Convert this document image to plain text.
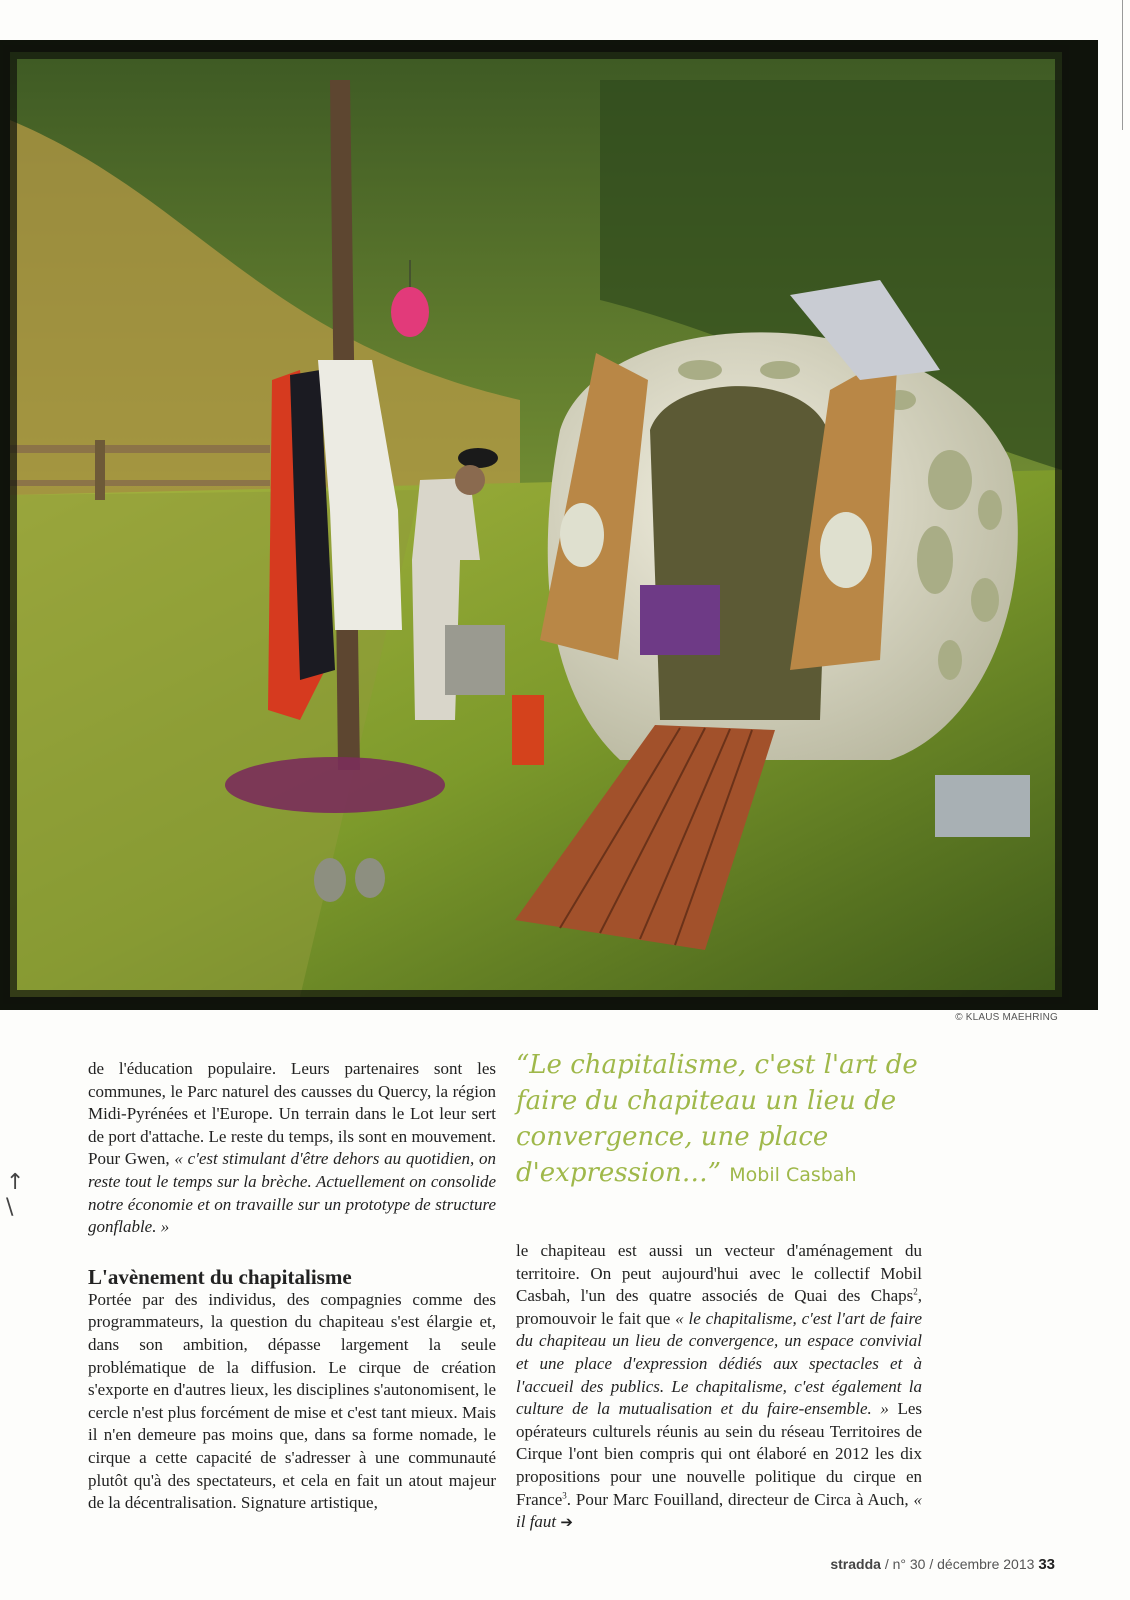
© KLAUS MAEHRING
↑
\

de l'éducation populaire. Leurs partenaires sont les communes, le Parc naturel des causses du Quercy, la région Midi-Pyrénées et l'Europe. Un terrain dans le Lot leur sert de port d'attache. Le reste du temps, ils sont en mouvement. Pour Gwen, « c'est stimulant d'être dehors au quotidien, on reste tout le temps sur la brèche. Actuellement on consolide notre économie et on travaille sur un prototype de structure gonflable. »

L'avènement du chapitalisme

Portée par des individus, des compagnies comme des programmateurs, la question du chapiteau s'est élargie et, dans son ambition, dépasse largement la seule problématique de la diffusion. Le cirque de création s'exporte en d'autres lieux, les disciplines s'autonomisent, le cercle n'est plus forcément de mise et c'est tant mieux. Mais il n'en demeure pas moins que, dans sa forme nomade, le cirque a cette capacité de s'adresser à une communauté plutôt qu'à des spectateurs, et cela en fait un atout majeur de la décentralisation. Signature artistique,

“Le chapitalisme, c'est l'art de faire du chapiteau un lieu de convergence, une place d'expression…” Mobil Casbah

le chapiteau est aussi un vecteur d'aménagement du territoire. On peut aujourd'hui avec le collectif Mobil Casbah, l'un des quatre associés de Quai des Chaps$^2$, promouvoir le fait que « le chapitalisme, c'est l'art de faire du chapiteau un lieu de convergence, un espace convivial et une place d'expression dédiés aux spectacles et à l'accueil des publics. Le chapitalisme, c'est également la culture de la mutualisation et du faire-ensemble. » Les opérateurs culturels réunis au sein du réseau Territoires de Cirque l'ont bien compris qui ont élaboré en 2012 les dix propositions pour une nouvelle politique du cirque en France$^3$. Pour Marc Fouilland, directeur de Circa à Auch, « il faut ➔

stradda / n° 30 / décembre 2013 33
